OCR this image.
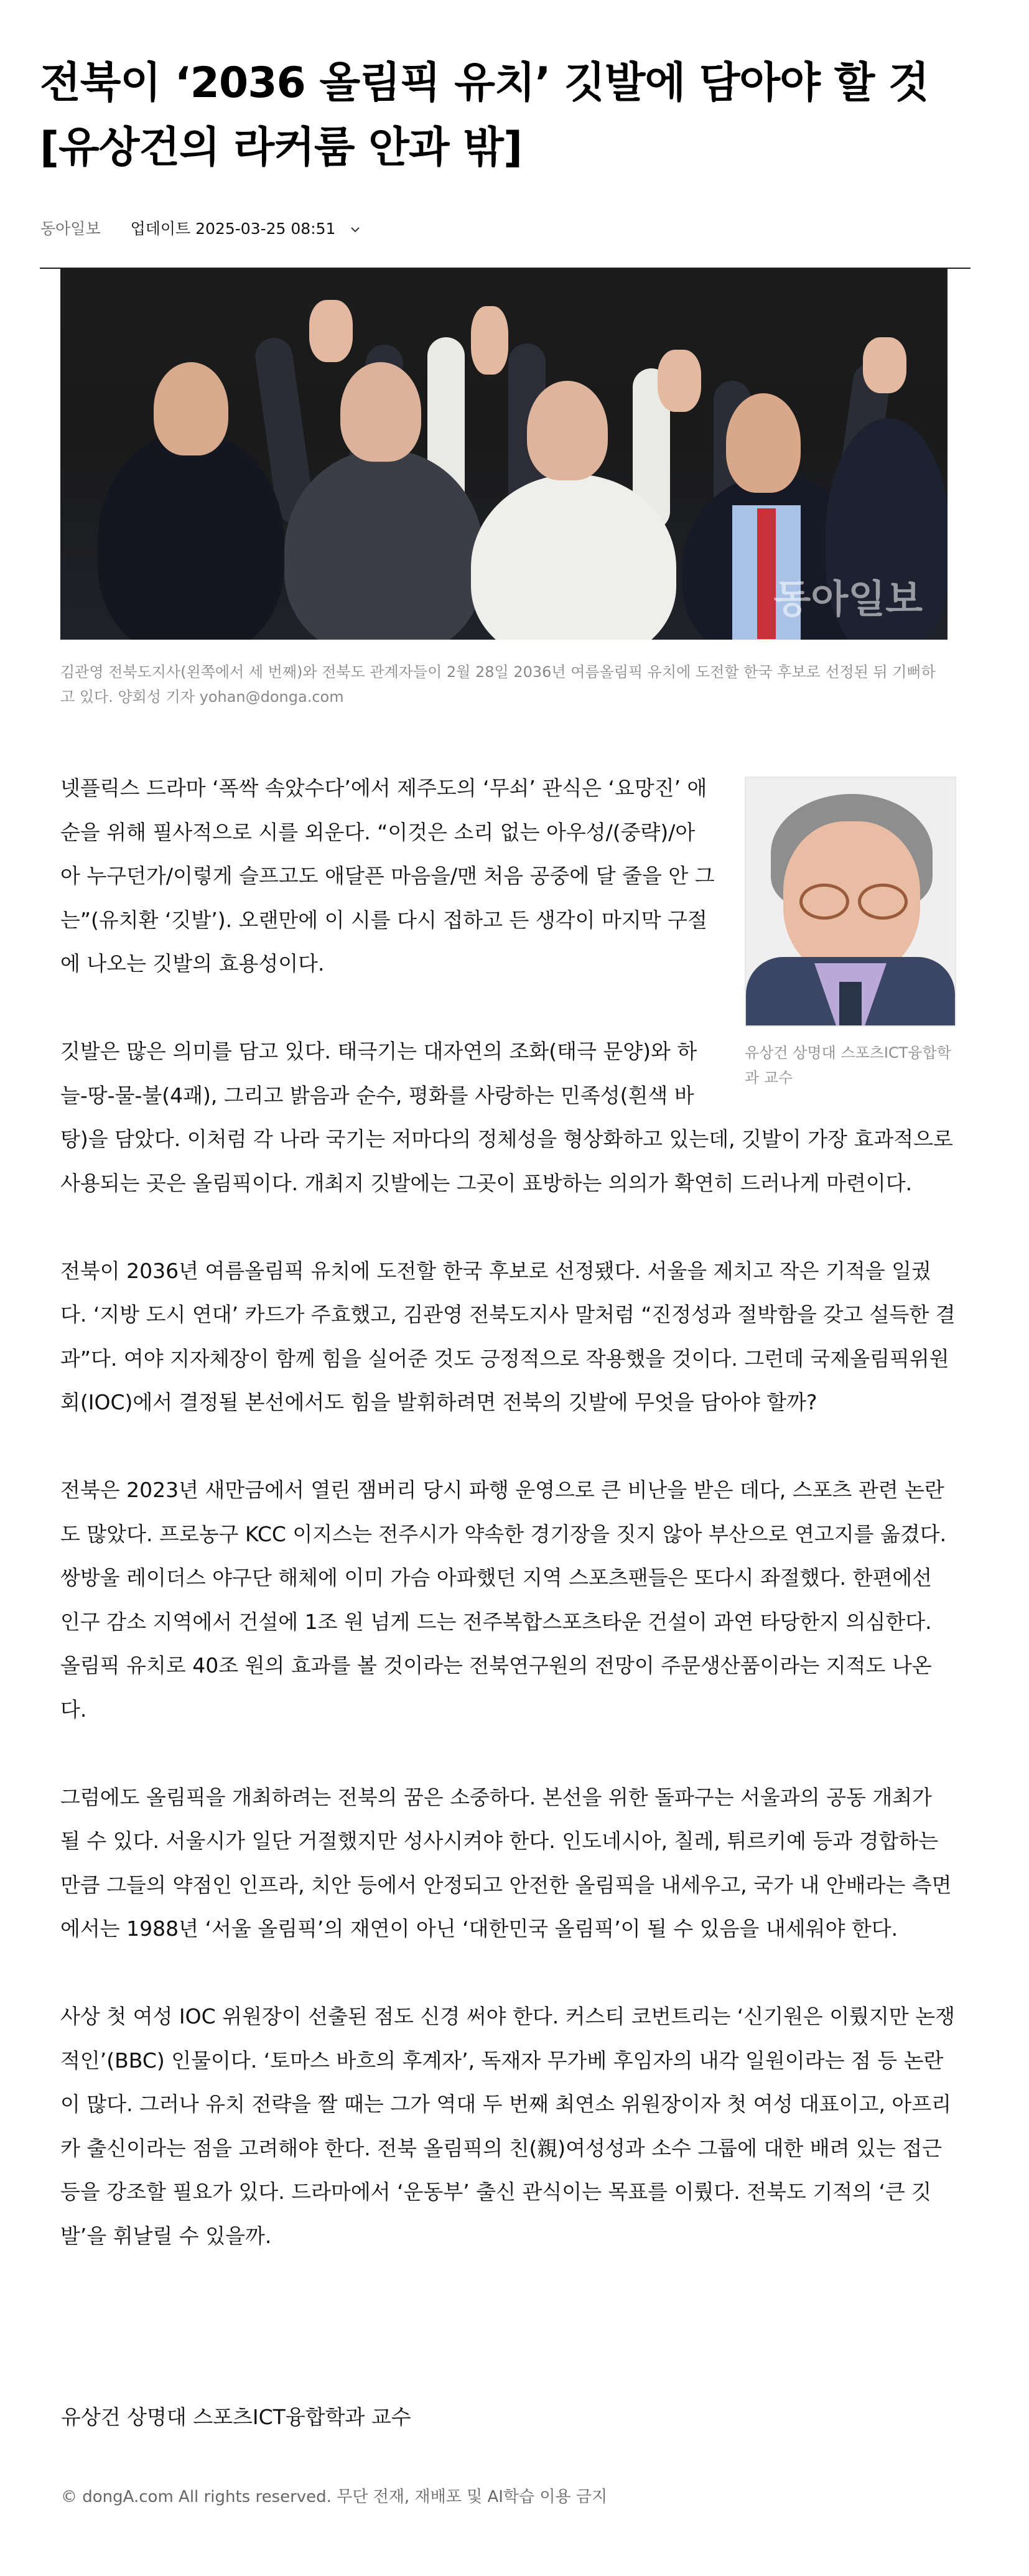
전북이 ‘2036 올림픽 유치’ 깃발에 담아야 할 것
[유상건의 라커룸 안과 밖]
동아일보 업데이트 2025-03-25 08:51
동아일보
김관영 전북도지사(왼쪽에서 세 번째)와 전북도 관계자들이 2월 28일 2036년 여름올림픽 유치에 도전할 한국 후보로 선정된 뒤 기뻐하고 있다. 양회성 기자 yohan@donga.com
유상건 상명대 스포츠ICT융합학과 교수

넷플릭스 드라마 ‘폭싹 속았수다’에서 제주도의 ‘무쇠’ 관식은 ‘요망진’ 애순을 위해 필사적으로 시를 외운다. “이것은 소리 없는 아우성/(중략)/아아 누구던가/이렇게 슬프고도 애달픈 마음을/맨 처음 공중에 달 줄을 안 그는”(유치환 ‘깃발’). 오랜만에 이 시를 다시 접하고 든 생각이 마지막 구절에 나오는 깃발의 효용성이다.

깃발은 많은 의미를 담고 있다. 태극기는 대자연의 조화(태극 문양)와 하늘-땅-물-불(4괘), 그리고 밝음과 순수, 평화를 사랑하는 민족성(흰색 바탕)을 담았다. 이처럼 각 나라 국기는 저마다의 정체성을 형상화하고 있는데, 깃발이 가장 효과적으로 사용되는 곳은 올림픽이다. 개최지 깃발에는 그곳이 표방하는 의의가 확연히 드러나게 마련이다.

전북이 2036년 여름올림픽 유치에 도전할 한국 후보로 선정됐다. 서울을 제치고 작은 기적을 일궜다. ‘지방 도시 연대’ 카드가 주효했고, 김관영 전북도지사 말처럼 “진정성과 절박함을 갖고 설득한 결과”다. 여야 지자체장이 함께 힘을 실어준 것도 긍정적으로 작용했을 것이다. 그런데 국제올림픽위원회(IOC)에서 결정될 본선에서도 힘을 발휘하려면 전북의 깃발에 무엇을 담아야 할까?

전북은 2023년 새만금에서 열린 잼버리 당시 파행 운영으로 큰 비난을 받은 데다, 스포츠 관련 논란도 많았다. 프로농구 KCC 이지스는 전주시가 약속한 경기장을 짓지 않아 부산으로 연고지를 옮겼다. 쌍방울 레이더스 야구단 해체에 이미 가슴 아파했던 지역 스포츠팬들은 또다시 좌절했다. 한편에선 인구 감소 지역에서 건설에 1조 원 넘게 드는 전주복합스포츠타운 건설이 과연 타당한지 의심한다. 올림픽 유치로 40조 원의 효과를 볼 것이라는 전북연구원의 전망이 주문생산품이라는 지적도 나온다.

그럼에도 올림픽을 개최하려는 전북의 꿈은 소중하다. 본선을 위한 돌파구는 서울과의 공동 개최가 될 수 있다. 서울시가 일단 거절했지만 성사시켜야 한다. 인도네시아, 칠레, 튀르키예 등과 경합하는 만큼 그들의 약점인 인프라, 치안 등에서 안정되고 안전한 올림픽을 내세우고, 국가 내 안배라는 측면에서는 1988년 ‘서울 올림픽’의 재연이 아닌 ‘대한민국 올림픽’이 될 수 있음을 내세워야 한다.

사상 첫 여성 IOC 위원장이 선출된 점도 신경 써야 한다. 커스티 코번트리는 ‘신기원은 이뤘지만 논쟁적인’(BBC) 인물이다. ‘토마스 바흐의 후계자’, 독재자 무가베 후임자의 내각 일원이라는 점 등 논란이 많다. 그러나 유치 전략을 짤 때는 그가 역대 두 번째 최연소 위원장이자 첫 여성 대표이고, 아프리카 출신이라는 점을 고려해야 한다. 전북 올림픽의 친(親)여성성과 소수 그룹에 대한 배려 있는 접근 등을 강조할 필요가 있다. 드라마에서 ‘운동부’ 출신 관식이는 목표를 이뤘다. 전북도 기적의 ‘큰 깃발’을 휘날릴 수 있을까.

유상건 상명대 스포츠ICT융합학과 교수
© dongA.com All rights reserved. 무단 전재, 재배포 및 AI학습 이용 금지
